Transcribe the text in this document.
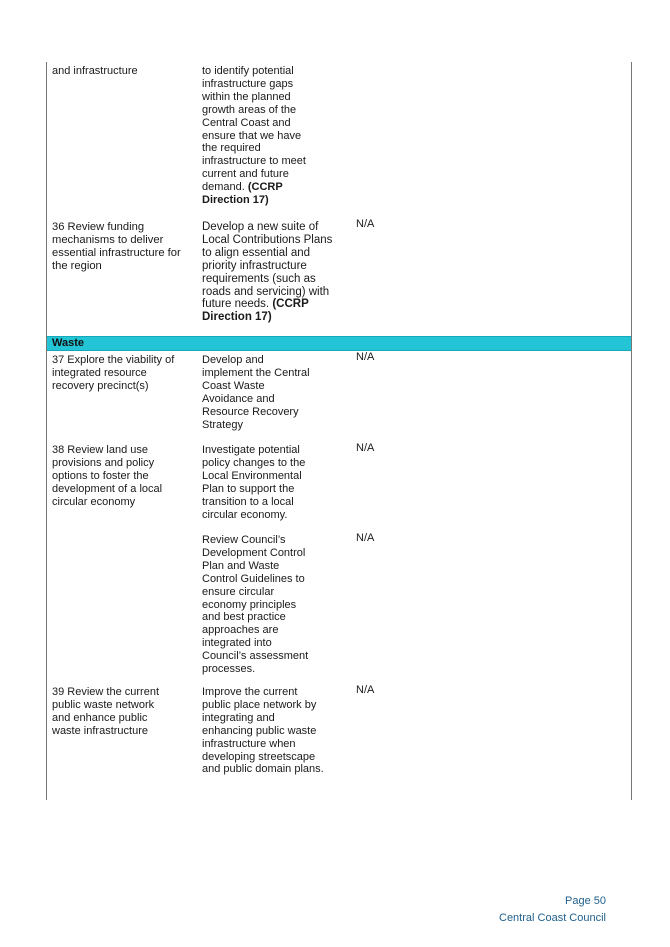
and infrastructure	to identify potential infrastructure gaps within the planned growth areas of the Central Coast and ensure that we have the required infrastructure to meet current and future demand. (CCRP Direction 17)
36 Review funding mechanisms to deliver essential infrastructure for the region
Develop a new suite of Local Contributions Plans to align essential and priority infrastructure requirements (such as roads and servicing) with future needs. (CCRP Direction 17)
N/A
Waste
37 Explore the viability of integrated resource recovery precinct(s)
Develop and implement the Central Coast Waste Avoidance and Resource Recovery Strategy
N/A
38 Review land use provisions and policy options to foster the development of a local circular economy
Investigate potential policy changes to the Local Environmental Plan to support the transition to a local circular economy.
N/A
Review Council’s Development Control Plan and Waste Control Guidelines to ensure circular economy principles and best practice approaches are integrated into Council’s assessment processes.
N/A
39 Review the current public waste network and enhance public waste infrastructure
Improve the current public place network by integrating and enhancing public waste infrastructure when developing streetscape and public domain plans.
N/A
Page 50
Central Coast Council
